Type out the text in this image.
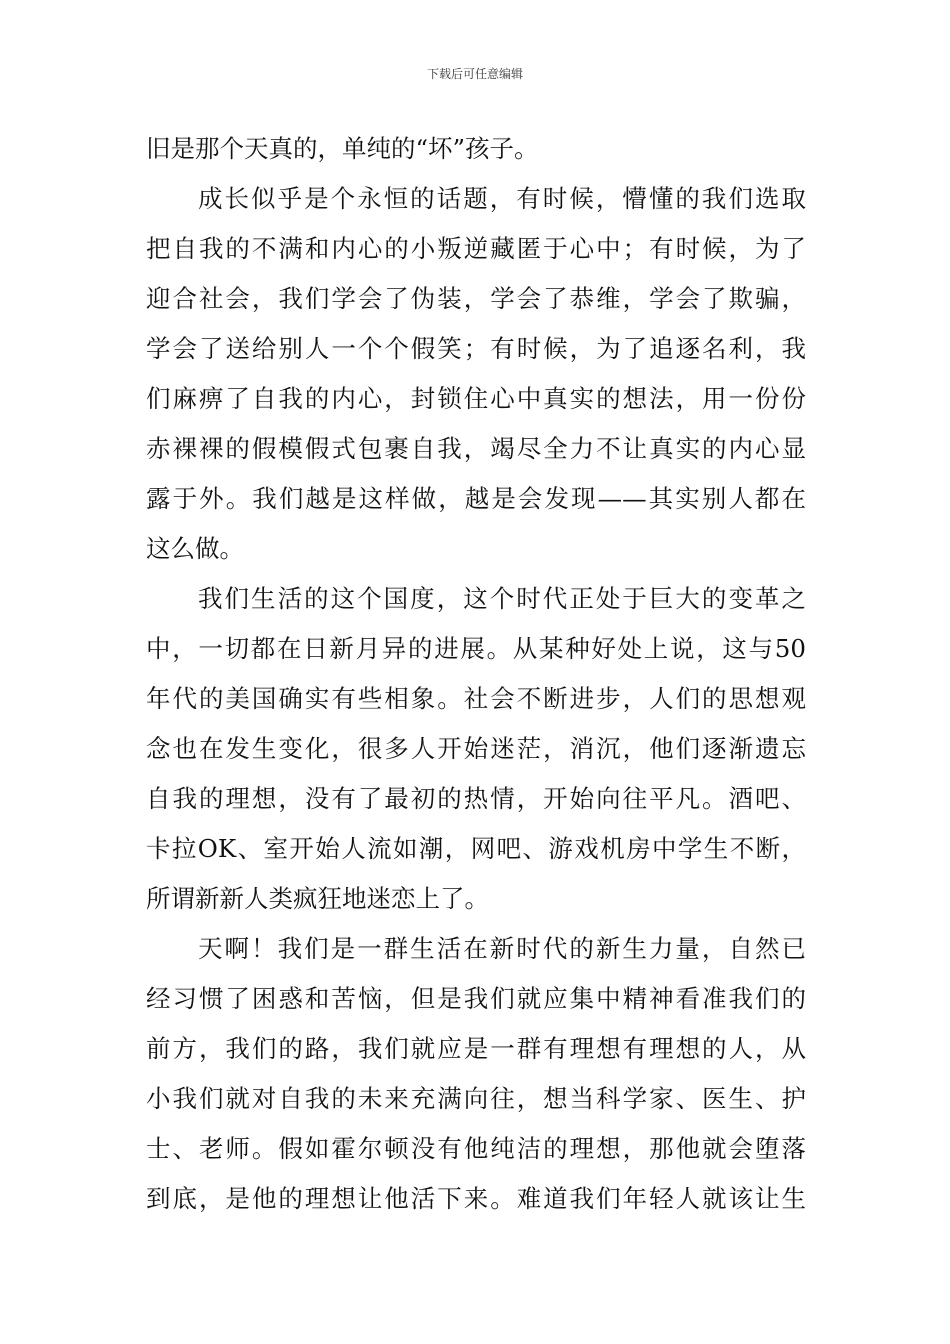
下载后可任意编辑
旧是那个天真的，单纯的“坏”孩子。
成长似乎是个永恒的话题，有时候，懵懂的我们选取
把自我的不满和内心的小叛逆藏匿于心中；有时候，为了
迎合社会，我们学会了伪装，学会了恭维，学会了欺骗，
学会了送给别人一个个假笑；有时候，为了追逐名利，我
们麻痹了自我的内心，封锁住心中真实的想法，用一份份
赤裸裸的假模假式包裹自我，竭尽全力不让真实的内心显
露于外。我们越是这样做，越是会发现——其实别人都在
这么做。
我们生活的这个国度，这个时代正处于巨大的变革之
中，一切都在日新月异的进展。从某种好处上说，这与50
年代的美国确实有些相象。社会不断进步，人们的思想观
念也在发生变化，很多人开始迷茫，消沉，他们逐渐遗忘
自我的理想，没有了最初的热情，开始向往平凡。酒吧、
卡拉OK、室开始人流如潮，网吧、游戏机房中学生不断，
所谓新新人类疯狂地迷恋上了。
天啊！我们是一群生活在新时代的新生力量，自然已
经习惯了困惑和苦恼，但是我们就应集中精神看准我们的
前方，我们的路，我们就应是一群有理想有理想的人，从
小我们就对自我的未来充满向往，想当科学家、医生、护
士、老师。假如霍尔顿没有他纯洁的理想，那他就会堕落
到底，是他的理想让他活下来。难道我们年轻人就该让生
